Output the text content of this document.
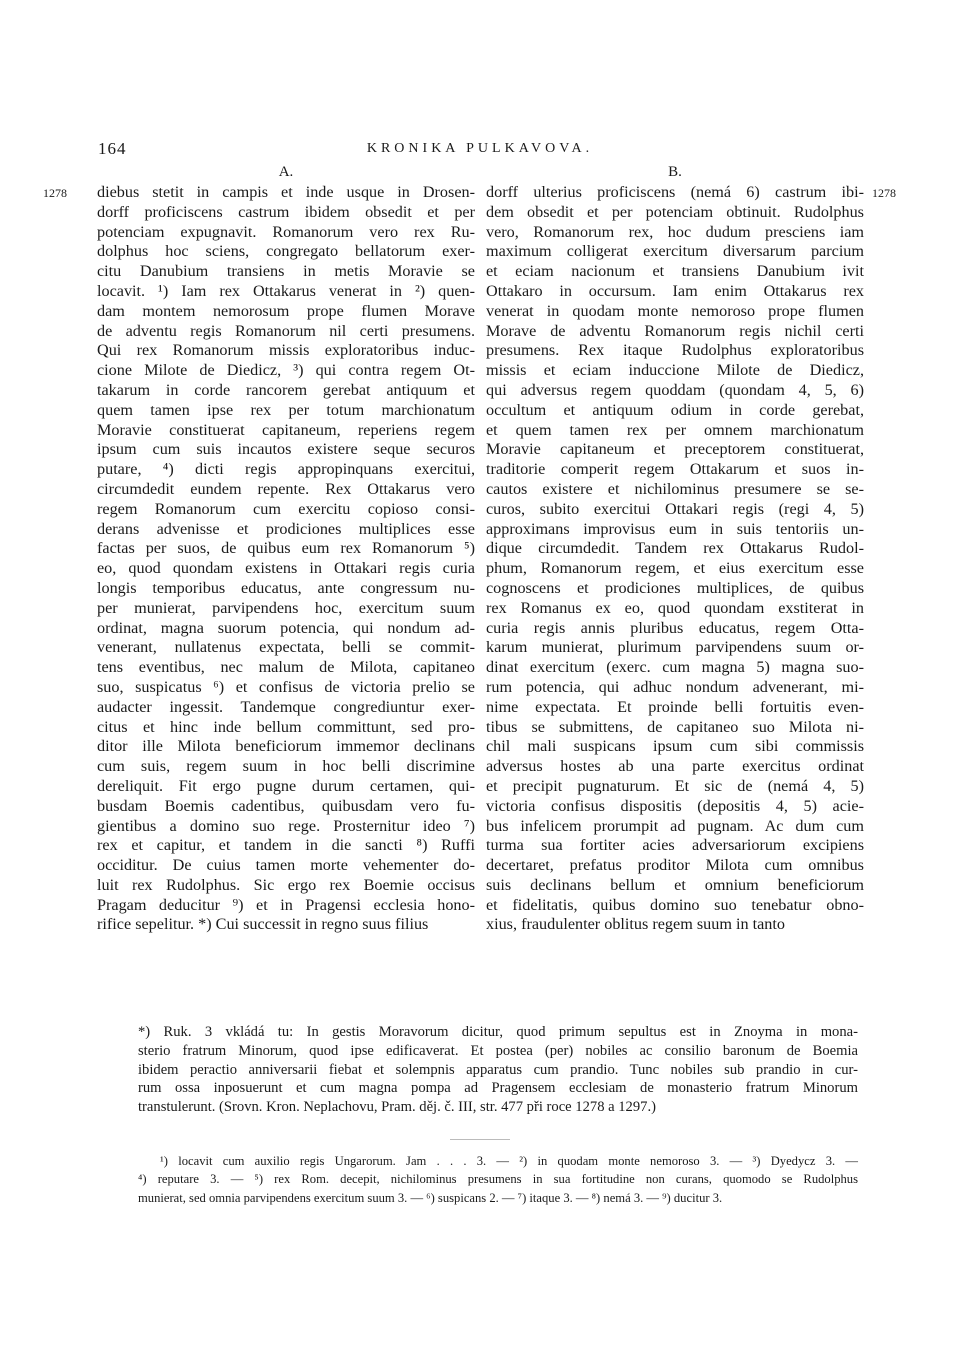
164	KRONIKA PULKAVOVA.
1278	1278
A.
diebus stetit in campis et inde usque in Drosen-
dorff proficiscens castrum ibidem obsedit et per
potenciam expugnavit. Romanorum vero rex Ru-
dolphus hoc sciens, congregato bellatorum exer-
citu Danubium transiens in metis Moravie se
locavit. ¹) Iam rex Ottakarus venerat in ²) quen-
dam montem nemorosum prope flumen Morave
de adventu regis Romanorum nil certi presumens.
Qui rex Romanorum missis exploratoribus induc-
cione Milote de Diedicz, ³) qui contra regem Ot-
takarum in corde rancorem gerebat antiquum et
quem tamen ipse rex per totum marchionatum
Moravie constituerat capitaneum, reperiens regem
ipsum cum suis incautos existere seque securos
putare, ⁴) dicti regis appropinquans exercitui,
circumdedit eundem repente. Rex Ottakarus vero
regem Romanorum cum exercitu copioso consi-
derans advenisse et prodiciones multiplices esse
factas per suos, de quibus eum rex Romanorum ⁵)
eo, quod quondam existens in Ottakari regis curia
longis temporibus educatus, ante congressum nu-
per munierat, parvipendens hoc, exercitum suum
ordinat, magna suorum potencia, qui nondum ad-
venerant, nullatenus expectata, belli se commit-
tens eventibus, nec malum de Milota, capitaneo
suo, suspicatus ⁶) et confisus de victoria prelio se
audacter ingessit. Tandemque congrediuntur exer-
citus et hinc inde bellum committunt, sed pro-
ditor ille Milota beneficiorum immemor declinans
cum suis, regem suum in hoc belli discrimine
dereliquit. Fit ergo pugne durum certamen, qui-
busdam Boemis cadentibus, quibusdam vero fu-
gientibus a domino suo rege. Prosternitur ideo ⁷)
rex et capitur, et tandem in die sancti ⁸) Ruffi
occiditur. De cuius tamen morte vehementer do-
luit rex Rudolphus. Sic ergo rex Boemie occisus
Pragam deducitur ⁹) et in Pragensi ecclesia hono-
rifice sepelitur. *) Cui successit in regno suus filius
B.
dorff ulterius proficiscens (nemá 6) castrum ibi-
dem obsedit et per potenciam obtinuit. Rudolphus
vero, Romanorum rex, hoc dudum presciens iam
maximum colligerat exercitum diversarum parcium
et eciam nacionum et transiens Danubium ivit
Ottakaro in occursum. Iam enim Ottakarus rex
venerat in quodam monte nemoroso prope flumen
Morave de adventu Romanorum regis nichil certi
presumens. Rex itaque Rudolphus exploratoribus
missis et eciam inducciоne Milote de Diedicz,
qui adversus regem quoddam (quondam 4, 5, 6)
occultum et antiquum odium in corde gerebat,
et quem tamen rex per omnem marchionatum
Moravie capitaneum et preceptorem constituerat,
traditorie comperit regem Ottakarum et suos in-
cautos existere et nichilominus presumere se se-
curos, subito exercitui Ottakari regis (regi 4, 5)
approximans improvisus eum in suis tentoriis un-
dique circumdedit. Tandem rex Ottakarus Rudol-
phum, Romanorum regem, et eius exercitum esse
cognoscens et prodiciones multiplices, de quibus
rex Romanus ex eo, quod quondam exstiterat in
curia regis annis pluribus educatus, regem Otta-
karum munierat, plurimum parvipendens suum or-
dinat exercitum (exerc. cum magna 5) magna suo-
rum potencia, qui adhuc nondum advenerant, mi-
nime expectata. Et proinde belli fortuitis even-
tibus se submittens, de capitaneo suo Milota ni-
chil mali suspicans ipsum cum sibi commissis
adversus hostes ab una parte exercitus ordinat
et precipit pugnaturum. Et sic de (nemá 4, 5)
victoria confisus dispositis (depositis 4, 5) acie-
bus infelicem prorumpit ad pugnam. Ac dum cum
turma sua fortiter acies adversariorum excipiens
decertaret, prefatus proditor Milota cum omnibus
suis declinans bellum et omnium beneficiorum
et fidelitatis, quibus domino suo tenebatur obno-
xius, fraudulenter oblitus regem suum in tanto
*) Ruk. 3 vkládá tu: In gestis Moravorum dicitur, quod primum sepultus est in Znoyma in mona-
sterio fratrum Minorum, quod ipse edificaverat. Et postea (per) nobiles ac consilio baronum de Boemia
ibidem peractio anniversarii fiebat et solempnis apparatus cum prandio. Tunc nobiles sub prandio in cur-
rum ossa inposuerunt et cum magna pompa ad Pragensem ecclesiam de monasterio fratrum Minorum
transtulerunt. (Srovn. Kron. Neplachovu, Pram. děj. č. III, str. 477 při roce 1278 a 1297.)
¹) locavit cum auxilio regis Ungarorum. Jam . . . 3. — ²) in quodam monte nemoroso 3. — ³) Dyedycz 3. —
⁴) reputare 3. — ⁵) rex Rom. decepit, nichilominus presumens in sua fortitudine non curans, quomodo se Rudolphus
munierat, sed omnia parvipendens exercitum suum 3. — ⁶) suspicans 2. — ⁷) itaque 3. — ⁸) nemá 3. — ⁹) ducitur 3.
